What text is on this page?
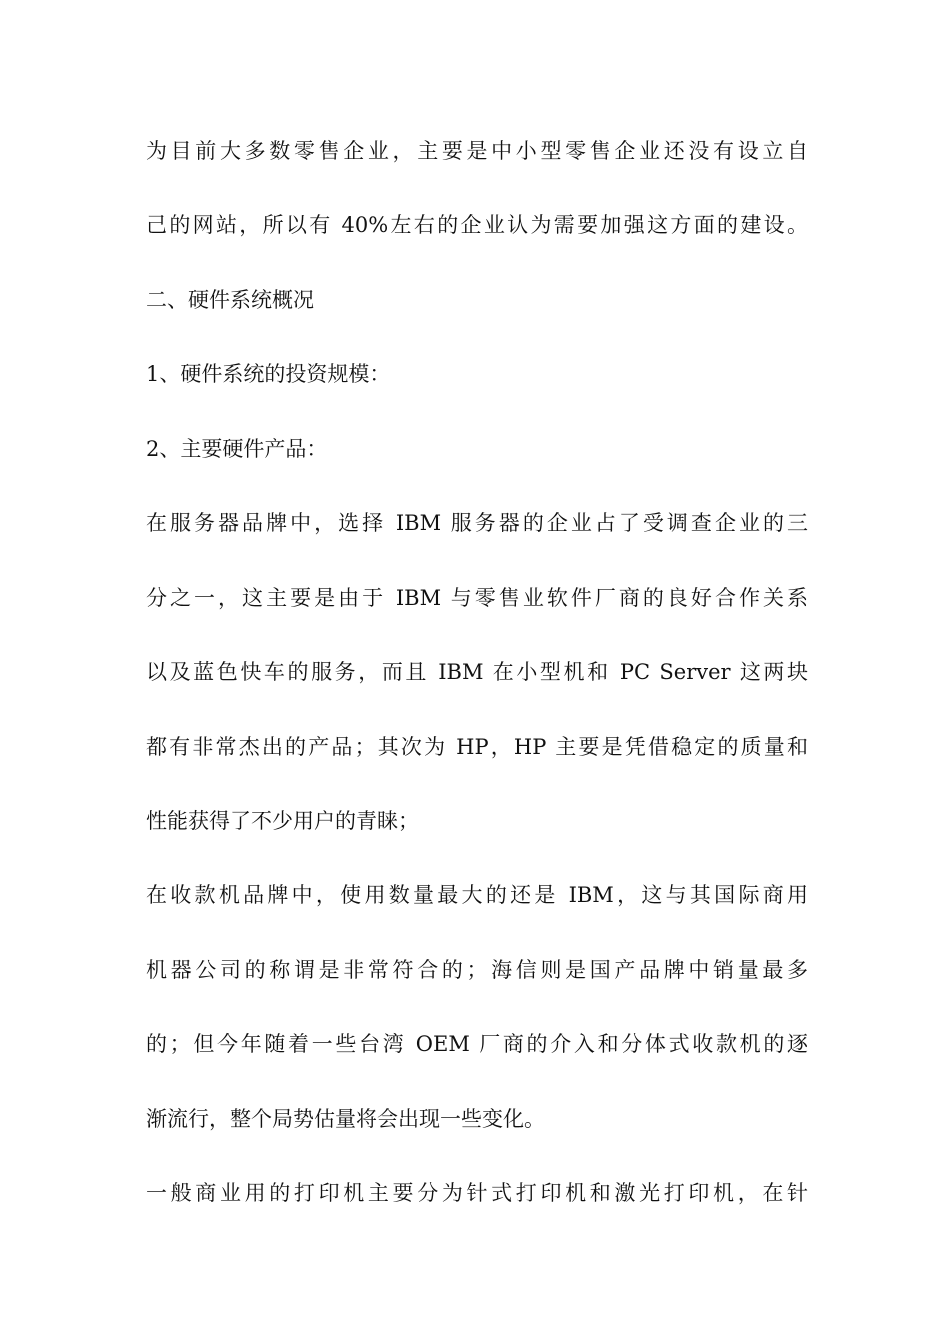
为目前大多数零售企业，主要是中小型零售企业还没有设立自
己的网站，所以有 40%左右的企业认为需要加强这方面的建设。
二、硬件系统概况
1、硬件系统的投资规模：
2、主要硬件产品：
在服务器品牌中，选择 IBM 服务器的企业占了受调查企业的三
分之一，这主要是由于 IBM 与零售业软件厂商的良好合作关系
以及蓝色快车的服务，而且 IBM 在小型机和 PC Server 这两块
都有非常杰出的产品；其次为 HP，HP 主要是凭借稳定的质量和
性能获得了不少用户的青睐；
在收款机品牌中，使用数量最大的还是 IBM，这与其国际商用
机器公司的称谓是非常符合的；海信则是国产品牌中销量最多
的；但今年随着一些台湾 OEM 厂商的介入和分体式收款机的逐
渐流行，整个局势估量将会出现一些变化。
一般商业用的打印机主要分为针式打印机和激光打印机，在针
